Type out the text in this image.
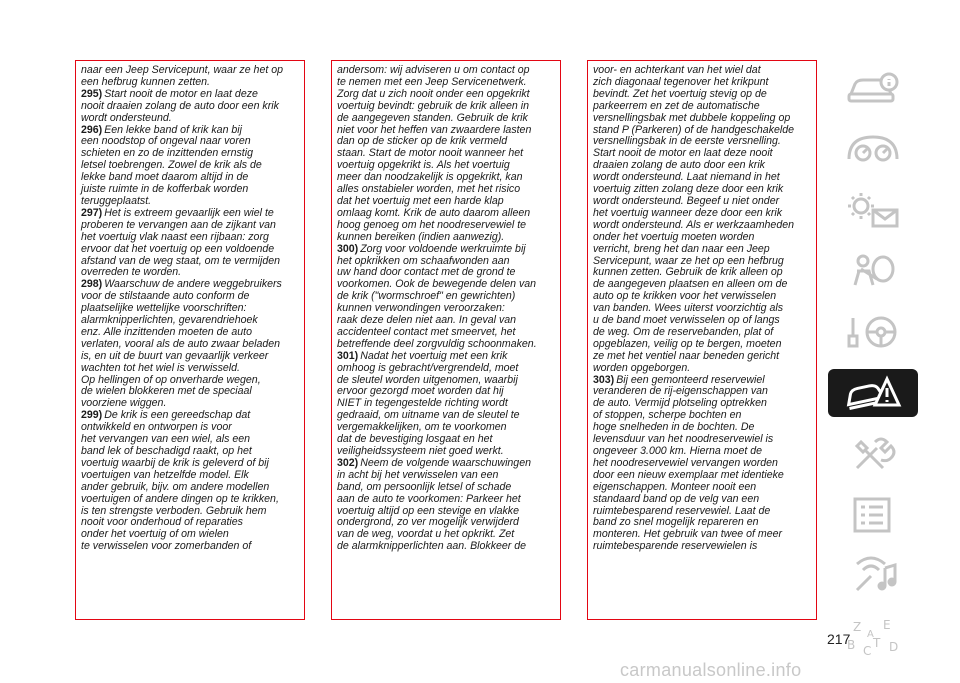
naar een Jeep Servicepunt, waar ze het op
een hefbrug kunnen zetten.

295) Start nooit de motor en laat deze
nooit draaien zolang de auto door een krik
wordt ondersteund.

296) Een lekke band of krik kan bij
een noodstop of ongeval naar voren
schieten en zo de inzittenden ernstig
letsel toebrengen. Zowel de krik als de
lekke band moet daarom altijd in de
juiste ruimte in de kofferbak worden
teruggeplaatst.

297) Het is extreem gevaarlijk een wiel te
proberen te vervangen aan de zijkant van
het voertuig vlak naast een rijbaan: zorg
ervoor dat het voertuig op een voldoende
afstand van de weg staat, om te vermijden
overreden te worden.

298) Waarschuw de andere weggebruikers
voor de stilstaande auto conform de
plaatselijke wettelijke voorschriften:
alarmknipperlichten, gevarendriehoek
enz. Alle inzittenden moeten de auto
verlaten, vooral als de auto zwaar beladen
is, en uit de buurt van gevaarlijk verkeer
wachten tot het wiel is verwisseld.
Op hellingen of op onverharde wegen,
de wielen blokkeren met de speciaal
voorziene wiggen.

299) De krik is een gereedschap dat
ontwikkeld en ontworpen is voor
het vervangen van een wiel, als een
band lek of beschadigd raakt, op het
voertuig waarbij de krik is geleverd of bij
voertuigen van hetzelfde model. Elk
ander gebruik, bijv. om andere modellen
voertuigen of andere dingen op te krikken,
is ten strengste verboden. Gebruik hem
nooit voor onderhoud of reparaties
onder het voertuig of om wielen
te verwisselen voor zomerbanden of

andersom: wij adviseren u om contact op
te nemen met een Jeep Servicenetwerk.
Zorg dat u zich nooit onder een opgekrikt
voertuig bevindt: gebruik de krik alleen in
de aangegeven standen. Gebruik de krik
niet voor het heffen van zwaardere lasten
dan op de sticker op de krik vermeld
staan. Start de motor nooit wanneer het
voertuig opgekrikt is. Als het voertuig
meer dan noodzakelijk is opgekrikt, kan
alles onstabieler worden, met het risico
dat het voertuig met een harde klap
omlaag komt. Krik de auto daarom alleen
hoog genoeg om het noodreservewiel te
kunnen bereiken (indien aanwezig).

300) Zorg voor voldoende werkruimte bij
het opkrikken om schaafwonden aan
uw hand door contact met de grond te
voorkomen. Ook de bewegende delen van
de krik ("wormschroef" en gewrichten)
kunnen verwondingen veroorzaken:
raak deze delen niet aan. In geval van
accidenteel contact met smeervet, het
betreffende deel zorgvuldig schoonmaken.

301) Nadat het voertuig met een krik
omhoog is gebracht/vergrendeld, moet
de sleutel worden uitgenomen, waarbij
ervoor gezorgd moet worden dat hij
NIET in tegengestelde richting wordt
gedraaid, om uitname van de sleutel te
vergemakkelijken, om te voorkomen
dat de bevestiging losgaat en het
veiligheidssysteem niet goed werkt.

302) Neem de volgende waarschuwingen
in acht bij het verwisselen van een
band, om persoonlijk letsel of schade
aan de auto te voorkomen: Parkeer het
voertuig altijd op een stevige en vlakke
ondergrond, zo ver mogelijk verwijderd
van de weg, voordat u het opkrikt. Zet
de alarmknipperlichten aan. Blokkeer de

voor- en achterkant van het wiel dat
zich diagonaal tegenover het krikpunt
bevindt. Zet het voertuig stevig op de
parkeerrem en zet de automatische
versnellingsbak met dubbele koppeling op
stand P (Parkeren) of de handgeschakelde
versnellingsbak in de eerste versnelling.
Start nooit de motor en laat deze nooit
draaien zolang de auto door een krik
wordt ondersteund. Laat niemand in het
voertuig zitten zolang deze door een krik
wordt ondersteund. Begeef u niet onder
het voertuig wanneer deze door een krik
wordt ondersteund. Als er werkzaamheden
onder het voertuig moeten worden
verricht, breng het dan naar een Jeep
Servicepunt, waar ze het op een hefbrug
kunnen zetten. Gebruik de krik alleen op
de aangegeven plaatsen en alleen om de
auto op te krikken voor het verwisselen
van banden. Wees uiterst voorzichtig als
u de band moet verwisselen op of langs
de weg. Om de reservebanden, plat of
opgeblazen, veilig op te bergen, moeten
ze met het ventiel naar beneden gericht
worden opgeborgen.

303) Bij een gemonteerd reservewiel
veranderen de rij-eigenschappen van
de auto. Vermijd plotseling optrekken
of stoppen, scherpe bochten en
hoge snelheden in de bochten. De
levensduur van het noodreservewiel is
ongeveer 3.000 km. Hierna moet de
het noodreservewiel vervangen worden
door een nieuw exemplaar met identieke
eigenschappen. Monteer nooit een
standaard band op de velg van een
ruimtebesparend reservewiel. Laat de
band zo snel mogelijk repareren en
monteren. Het gebruik van twee of meer
ruimtebesparende reservewielen is

Z E
B C
T D
A
217
carmanualsonline.info
